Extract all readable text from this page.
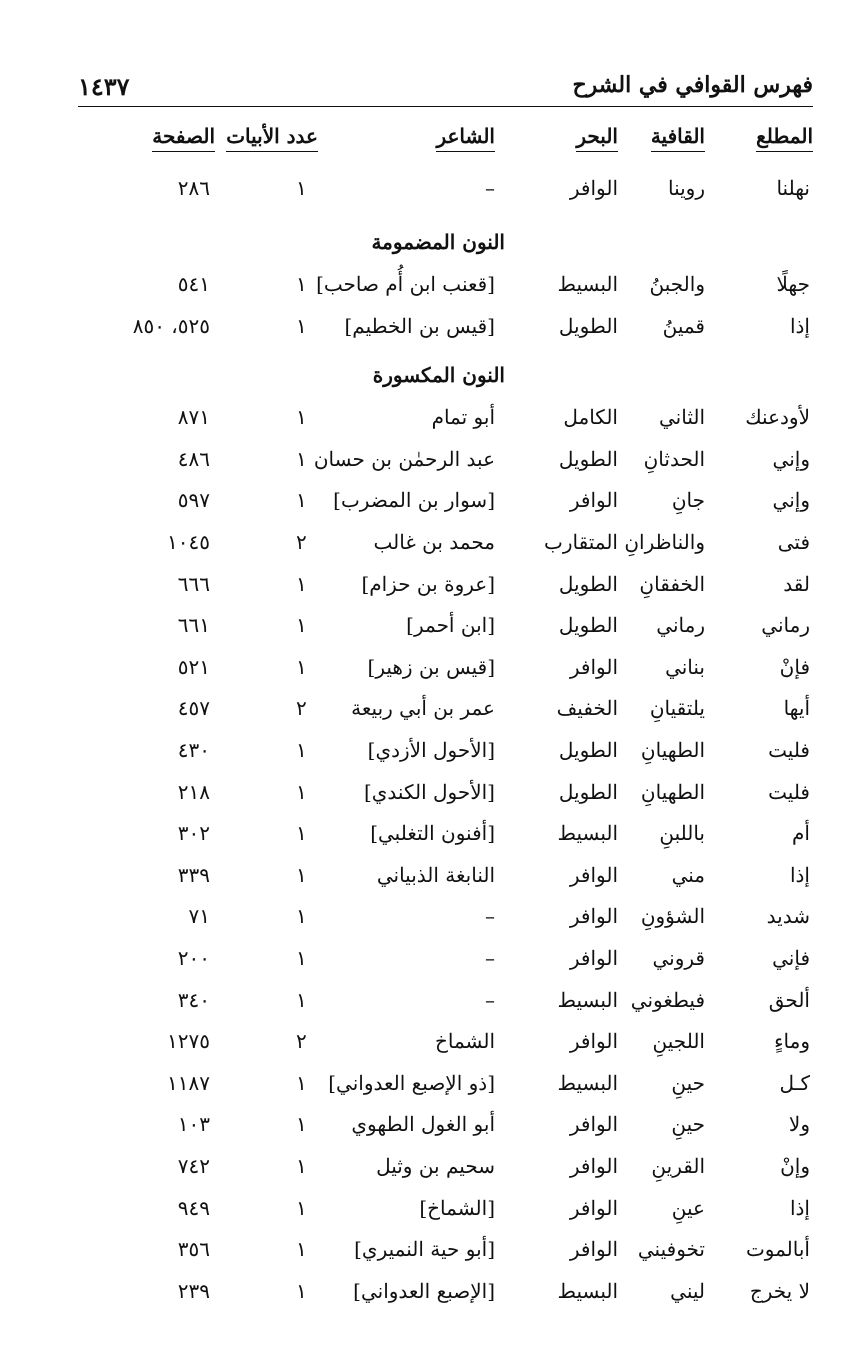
١٤٣٧	فهرس القوافي في الشرح
المطلع
القافية
البحر
الشاعر
عدد الأبيات
الصفحة
نهلنا
روينا
الوافر
–
١
٢٨٦
النون المضمومة
جهلًا
والجبنُ
البسيط
[قعنب ابن أُم صاحب]
١
٥٤١
إذا
قمينُ
الطويل
[قيس بن الخطيم]
١
٥٢٥، ٨٥٠
النون المكسورة
لأودعنك
الثاني
الكامل
أبو تمام
١
٨٧١
وإني
الحدثانِ
الطويل
عبد الرحمٰن بن حسان
١
٤٨٦
وإني
جانِ
الوافر
[سوار بن المضرب]
١
٥٩٧
فتى
والناظرانِ
المتقارب
محمد بن غالب
٢
١٠٤٥
لقد
الخفقانِ
الطويل
[عروة بن حزام]
١
٦٦٦
رماني
رماني
الطويل
[ابن أحمر]
١
٦٦١
فإنْ
بناني
الوافر
[قيس بن زهير]
١
٥٢١
أيها
يلتقيانِ
الخفيف
عمر بن أبي ربيعة
٢
٤٥٧
فليت
الطهيانِ
الطويل
[الأحول الأزدي]
١
٤٣٠
فليت
الطهيانِ
الطويل
[الأحول الكندي]
١
٢١٨
أم
باللبنِ
البسيط
[أفنون التغلبي]
١
٣٠٢
إذا
مني
الوافر
النابغة الذبياني
١
٣٣٩
شديد
الشؤونِ
الوافر
–
١
٧١
فإني
قروني
الوافر
–
١
٢٠٠
ألحق
فيطغوني
البسيط
–
١
٣٤٠
وماءٍ
اللجينِ
الوافر
الشماخ
٢
١٢٧٥
كـل
حينِ
البسيط
[ذو الإصبع العدواني]
١
١١٨٧
ولا
حينِ
الوافر
أبو الغول الطهوي
١
١٠٣
وإنْ
القرينِ
الوافر
سحيم بن وثيل
١
٧٤٢
إذا
عينِ
الوافر
[الشماخ]
١
٩٤٩
أبالموت
تخوفيني
الوافر
[أبو حية النميري]
١
٣٥٦
لا يخرج
ليني
البسيط
[الإصبع العدواني]
١
٢٣٩
